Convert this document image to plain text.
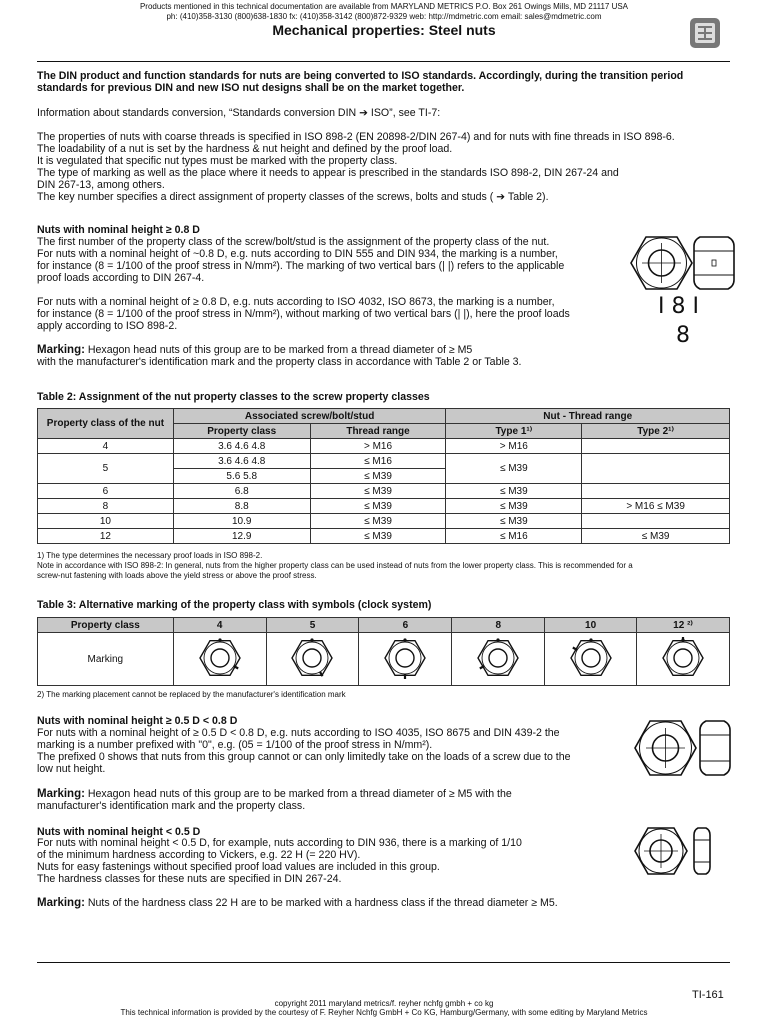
Products mentioned in this technical documentation are available from MARYLAND METRICS P.O. Box 261 Owings Mills, MD 21117 USA
ph: (410)358-3130 (800)638-1830 fx: (410)358-3142 (800)872-9329 web: http://mdmetric.com email: sales@mdmetric.com
Mechanical properties: Steel nuts
The DIN product and function standards for nuts are being converted to ISO standards. Accordingly, during the transition period standards for previous DIN and new ISO nut designs shall be on the market together.
Information about standards conversion, “Standards conversion DIN ➔ ISO”, see TI-7:
The properties of nuts with coarse threads is specified in ISO 898-2 (EN 20898-2/DIN 267-4) and for nuts with fine threads in ISO 898-6.
The loadability of a nut is set by the hardness & nut height and defined by the proof load.
It is vegulated that specific nut types must be marked with the property class.
The type of marking as well as the place where it needs to appear is prescribed in the standards ISO 898-2, DIN 267-24 and
DIN 267-13, among others.
The key number specifies a direct assignment of property classes of the screws, bolts and studs ( ➔ Table 2).
Nuts with nominal height ≥ 0.8 D
The first number of the property class of the screw/bolt/stud is the assignment of the property class of the nut.
For nuts with a nominal height of ~0.8 D, e.g. nuts according to DIN 555 and DIN 934, the marking is a number,
for instance (8 = 1/100 of the proof stress in N/mm²). The marking of two vertical bars (| |) refers to the applicable
proof loads according to DIN 267-4.
For nuts with a nominal height of ≥ 0.8 D, e.g. nuts according to ISO 4032, ISO 8673, the marking is a number,
for instance (8 = 1/100 of the proof stress in N/mm²), without marking of two vertical bars (| |), here the proof loads
apply according to ISO 898-2.
Marking: Hexagon head nuts of this group are to be marked from a thread diameter of ≥ M5
with the manufacturer's identification mark and the property class in accordance with Table 2 or Table 3.
I 8 I
8
Table 2: Assignment of the nut property classes to the screw property classes
Property class of the nut	Associated screw/bolt/stud		Nut - Thread range	
	Property class	Thread range	Type 1¹⁾	Type 2¹⁾
4	3.6 4.6 4.8	> M16	> M16	
5	3.6 4.6 4.8	≤ M16	≤ M39	
	5.6 5.8	≤ M39		
6	6.8	≤ M39	≤ M39	
8	8.8	≤ M39	≤ M39	> M16 ≤ M39
10	10.9	≤ M39	≤ M39	
12	12.9	≤ M39	≤ M16	≤ M39
1) The type determines the necessary proof loads in ISO 898-2.
Note in accordance with ISO 898-2: In general, nuts from the higher property class can be used instead of nuts from the lower property class. This is recommended for a
screw-nut fastening with loads above the yield stress or above the proof stress.
Table 3: Alternative marking of the property class with symbols (clock system)
Property class	4	5	6	8	10	12 ²⁾
Marking						
2) The marking placement cannot be replaced by the manufacturer's identification mark
Nuts with nominal height ≥ 0.5 D < 0.8 D
For nuts with a nominal height of ≥ 0.5 D < 0.8 D, e.g. nuts according to ISO 4035, ISO 8675 and DIN 439-2 the
marking is a number prefixed with "0", e.g. (05 = 1/100 of the proof stress in N/mm²).
The prefixed 0 shows that nuts from this group cannot or can only limitedly take on the loads of a screw due to the
low nut height.
Marking: Hexagon head nuts of this group are to be marked from a thread diameter of ≥ M5 with the
manufacturer's identification mark and the property class.
Nuts with nominal height < 0.5 D
For nuts with nominal height < 0.5 D, for example, nuts according to DIN 936, there is a marking of 1/10
of the minimum hardness according to Vickers, e.g. 22 H (= 220 HV).
Nuts for easy fastenings without specified proof load values are included in this group.
The hardness classes for these nuts are specified in DIN 267-24.
Marking: Nuts of the hardness class 22 H are to be marked with a hardness class if the thread diameter ≥ M5.
TI-161
copyright 2011 maryland metrics/f. reyher nchfg gmbh + co kg
This technical information is provided by the courtesy of F. Reyher Nchfg GmbH + Co KG, Hamburg/Germany, with some editing by Maryland Metrics
